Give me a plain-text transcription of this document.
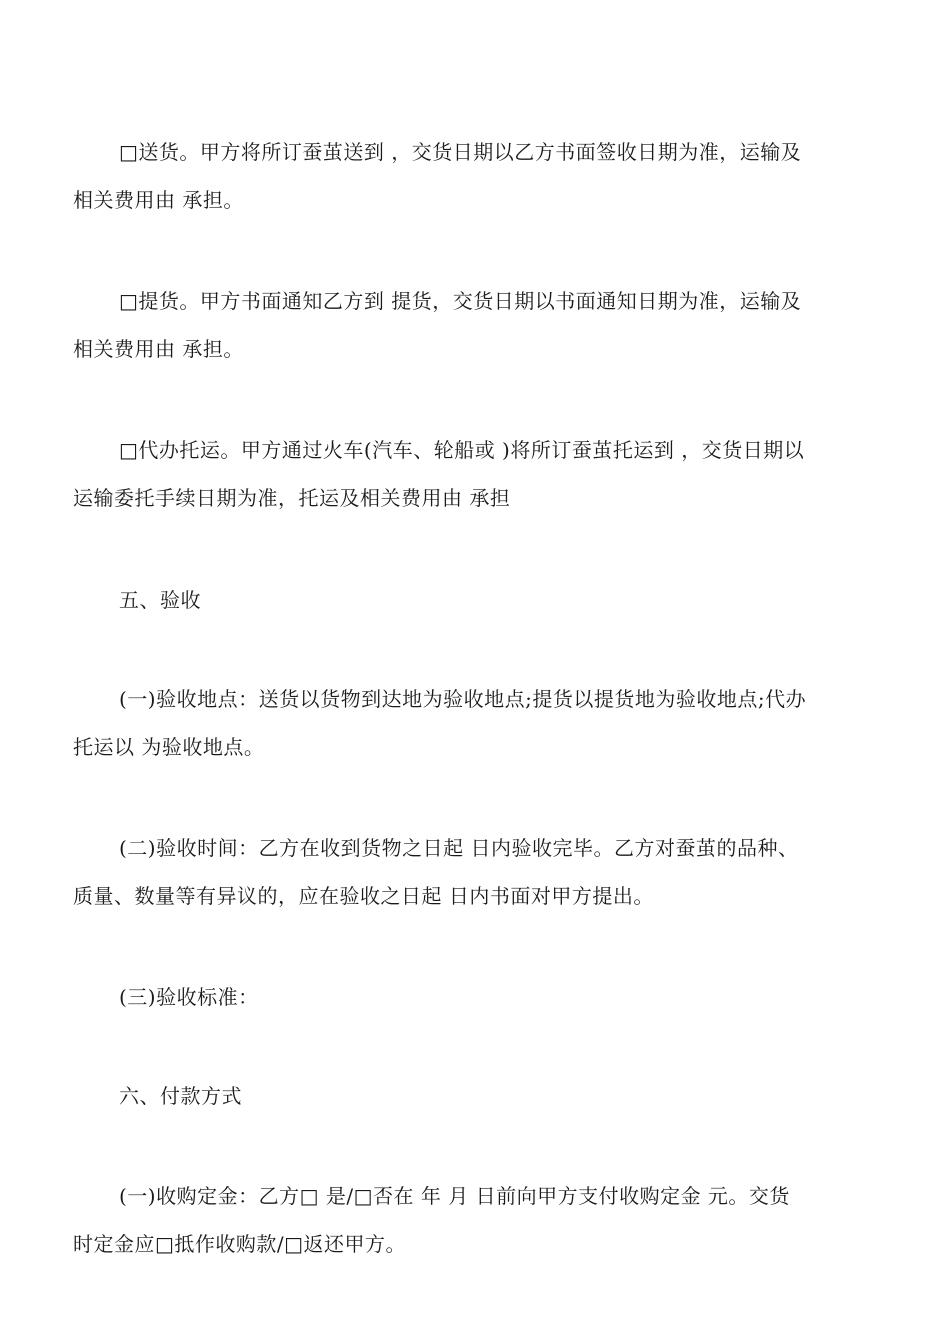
□送货。甲方将所订蚕茧送到 ，交货日期以乙方书面签收日期为准，运输及
相关费用由 承担。
□提货。甲方书面通知乙方到 提货，交货日期以书面通知日期为准，运输及
相关费用由 承担。
□代办托运。甲方通过火车(汽车、轮船或 )将所订蚕茧托运到 ，交货日期以
运输委托手续日期为准，托运及相关费用由 承担
五、验收
(一)验收地点：送货以货物到达地为验收地点;提货以提货地为验收地点;代办
托运以 为验收地点。
(二)验收时间：乙方在收到货物之日起 日内验收完毕。乙方对蚕茧的品种、
质量、数量等有异议的，应在验收之日起 日内书面对甲方提出。
(三)验收标准：
六、付款方式
(一)收购定金：乙方□ 是/□否在 年 月 日前向甲方支付收购定金 元。交货
时定金应□抵作收购款/□返还甲方。
